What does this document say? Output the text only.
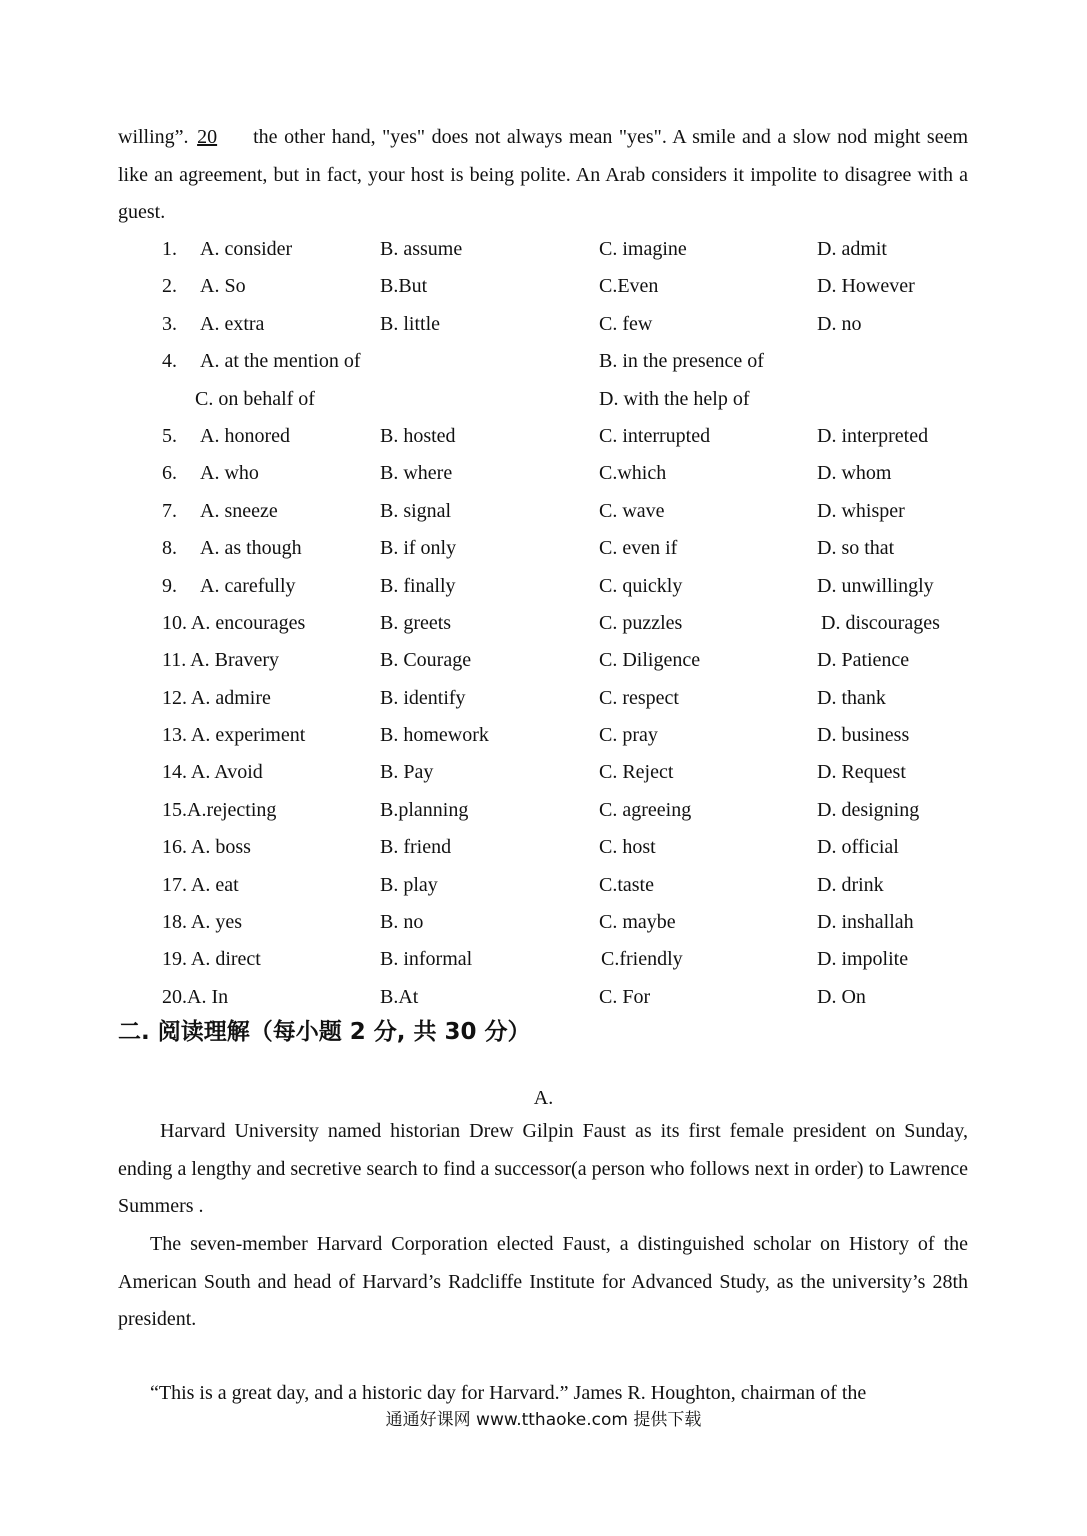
willing”. 20 the other hand, "yes" does not always mean "yes". A smile and a slow nod might seem like an agreement, but in fact, your host is being polite. An Arab considers it impolite to disagree with a guest.
1. A. consider	B. assume	C. imagine	D. admit
2. A. So	B.But	C.Even	D. However
3. A. extra	B. little	C. few	D. no
4. A. at the mention of	B. in the presence of
C. on behalf of	D. with the help of
5. A. honored	B. hosted	C. interrupted	D. interpreted
6. A. who	B. where	C.which	D. whom
7. A. sneeze	B. signal	C. wave	D. whisper
8. A. as though	B. if only	C. even if	D. so that
9. A. carefully	B. finally	C. quickly	D. unwillingly
10. A. encourages	B. greets	C. puzzles	D. discourages
11. A. Bravery	B. Courage	C. Diligence	D. Patience
12. A. admire	B. identify	C. respect	D. thank
13. A. experiment	B. homework	C. pray	D. business
14. A. Avoid	B. Pay	C. Reject	D. Request
15.A.rejecting	B.planning	C. agreeing	D. designing
16. A. boss	B. friend	C. host	D. official
17. A. eat	B. play	C.taste	D. drink
18. A. yes	B. no	C. maybe	D. inshallah
19. A. direct	B. informal	C.friendly	D. impolite
20.A. In	B.At	C. For	D. On
二. 阅读理解（每小题 2 分, 共 30 分）
A.
Harvard University named historian Drew Gilpin Faust as its first female president on Sunday, ending a lengthy and secretive search to find a successor(a person who follows next in order) to Lawrence Summers .
The seven-member Harvard Corporation elected Faust, a distinguished scholar on History of the American South and head of Harvard’s Radcliffe Institute for Advanced Study, as the university’s 28th president.
“This is a great day, and a historic day for Harvard.” James R. Houghton, chairman of the
通通好课网 www.tthaoke.com 提供下载
